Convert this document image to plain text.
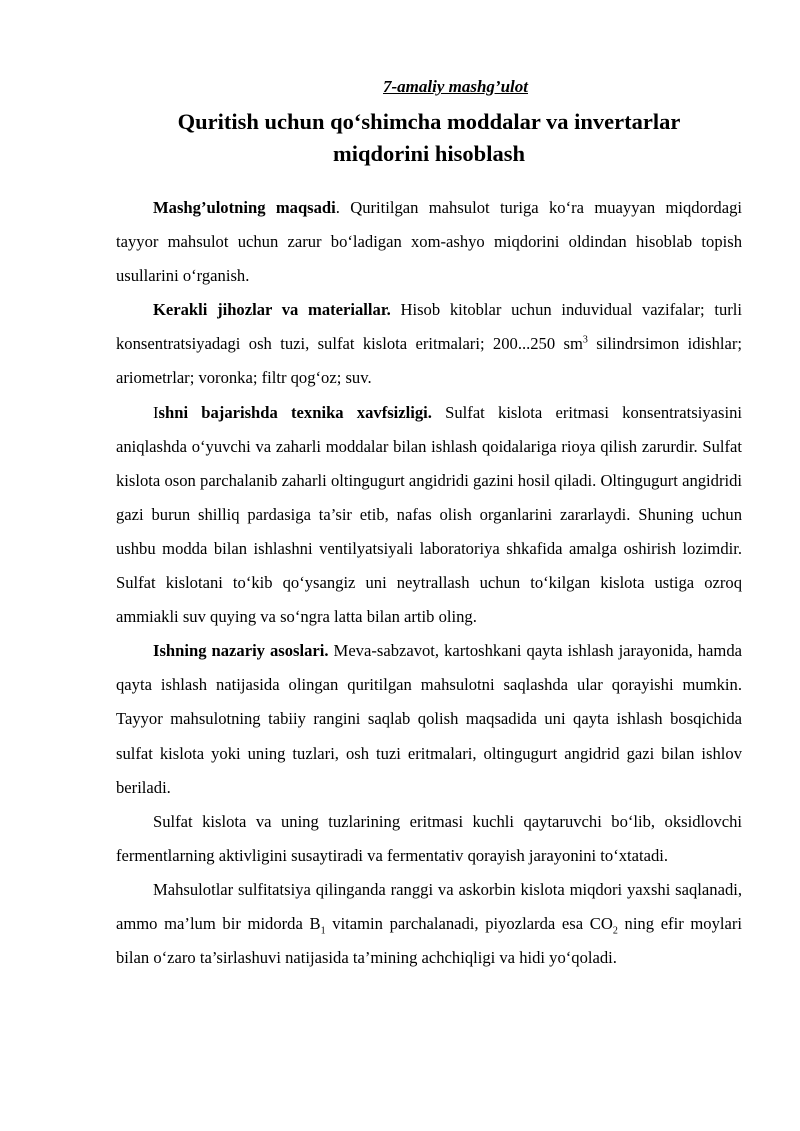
7-amaliy mashg’ulot
Quritish uchun qo‘shimcha moddalar va invertarlar
miqdorini hisoblash

Mashg’ulotning maqsadi. Quritilgan mahsulot turiga ko‘ra muayyan miqdordagi tayyor mahsulot uchun zarur bo‘ladigan xom-ashyo miqdorini oldindan hisoblab topish usullarini o‘rganish.

Kerakli jihozlar va materiallar. Hisob kitoblar uchun induvidual vazifalar; turli konsentratsiyadagi osh tuzi, sulfat kislota eritmalari; 200...250 $sm^3$ silindrsimon idishlar; ariometrlar; voronka; filtr qog‘oz; suv.

Ishni bajarishda texnika xavfsizligi. Sulfat kislota eritmasi konsentratsiyasini aniqlashda o‘yuvchi va zaharli moddalar bilan ishlash qoidalariga rioya qilish zarurdir. Sulfat kislota oson parchalanib zaharli oltingugurt angidridi gazini hosil qiladi. Oltingugurt angidridi gazi burun shilliq pardasiga ta’sir etib, nafas olish organlarini zararlaydi. Shuning uchun ushbu modda bilan ishlashni ventilyatsiyali laboratoriya shkafida amalga oshirish lozimdir. Sulfat kislotani to‘kib qo‘ysangiz uni neytrallash uchun to‘kilgan kislota ustiga ozroq ammiakli suv quying va so‘ngra latta bilan artib oling.

Ishning nazariy asoslari. Meva-sabzavot, kartoshkani qayta ishlash jarayonida, hamda qayta ishlash natijasida olingan quritilgan mahsulotni saqlashda ular qorayishi mumkin. Tayyor mahsulotning tabiiy rangini saqlab qolish maqsadida uni qayta ishlash bosqichida sulfat kislota yoki uning tuzlari, osh tuzi eritmalari, oltingugurt angidrid gazi bilan ishlov beriladi.

Sulfat kislota va uning tuzlarining eritmasi kuchli qaytaruvchi bo‘lib, oksidlovchi fermentlarning aktivligini susaytiradi va fermentativ qorayish jarayonini to‘xtatadi.

Mahsulotlar sulfitatsiya qilinganda ranggi va askorbin kislota miqdori yaxshi saqlanadi, ammo ma’lum bir midorda $B_1$ vitamin parchalanadi, piyozlarda esa $CO_2$ ning efir moylari bilan o‘zaro ta’sirlashuvi natijasida ta’mining achchiqligi va hidi yo‘qoladi.
